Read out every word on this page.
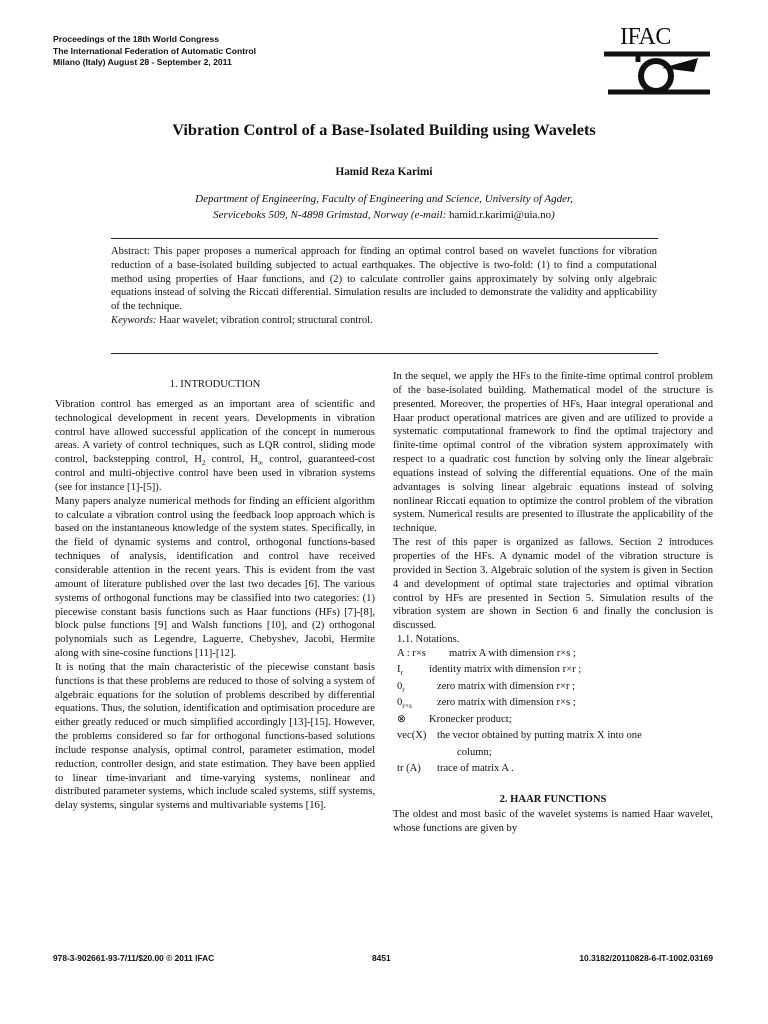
Proceedings of the 18th World Congress
The International Federation of Automatic Control
Milano (Italy) August 28 - September 2, 2011
IFAC
Vibration Control of a Base-Isolated Building using Wavelets
Hamid Reza Karimi
Department of Engineering, Faculty of Engineering and Science, University of Agder,
Serviceboks 509, N-4898 Grimstad, Norway (e-mail: hamid.r.karimi@uia.no)
Abstract: This paper proposes a numerical approach for finding an optimal control based on wavelet functions for vibration reduction of a base-isolated building subjected to actual earthquakes. The objective is two-fold: (1) to find a computational method using properties of Haar functions, and (2) to calculate controller gains approximately by solving only algebraic equations instead of solving the Riccati differential. Simulation results are included to demonstrate the validity and applicability of the technique.
Keywords: Haar wavelet; vibration control; structural control.
1. INTRODUCTION

Vibration control has emerged as an important area of scientific and technological development in recent years. Developments in vibration control have allowed successful application of the concept in numerous areas. A variety of control techniques, such as LQR control, sliding mode control, backstepping control, $H_2$ control, $H_\infty$ control, guaranteed-cost control and multi-objective control have been used in vibration systems (see for instance [1]-[5]).

Many papers analyze numerical methods for finding an efficient algorithm to calculate a vibration control using the feedback loop approach which is based on the instantaneous knowledge of the system states. Specifically, in the field of dynamic systems and control, orthogonal functions-based techniques of analysis, identification and control have received considerable attention in the recent years. This is evident from the vast amount of literature published over the last two decades [6]. The various systems of orthogonal functions may be classified into two categories: (1) piecewise constant basis functions such as Haar functions (HFs) [7]-[8], block pulse functions [9] and Walsh functions [10], and (2) orthogonal polynomials such as Legendre, Laguerre, Chebyshev, Jacobi, Hermite along with sine-cosine functions [11]-[12].

It is noting that the main characteristic of the piecewise constant basis functions is that these problems are reduced to those of solving a system of algebraic equations for the solution of problems described by differential equations. Thus, the solution, identification and optimisation procedure are either greatly reduced or much simplified accordingly [13]-[15]. However, the problems considered so far for orthogonal functions-based solutions include response analysis, optimal control, parameter estimation, model reduction, controller design, and state estimation. They have been applied to linear time-invariant and time-varying systems, nonlinear and distributed parameter systems, which include scaled systems, stiff systems, delay systems, singular systems and multivariable systems [16].

In the sequel, we apply the HFs to the finite-time optimal control problem of the base-isolated building. Mathematical model of the structure is presented. Moreover, the properties of HFs, Haar integral operational and Haar product operational matrices are given and are utilized to provide a systematic computational framework to find the optimal trajectory and finite-time optimal control of the vibration system approximately with respect to a quadratic cost function by solving only the linear algebraic equations instead of solving the differential equations. One of the main advantages is solving linear algebraic equations instead of solving nonlinear Riccati equation to optimize the control problem of the vibration system. Numerical results are presented to illustrate the applicability of the technique.

The rest of this paper is organized as fallows. Section 2 introduces properties of the HFs. A dynamic model of the vibration structure is provided in Section 3. Algebraic solution of the system is given in Section 4 and development of optimal state trajectories and optimal vibration control by HFs are presented in Section 5. Simulation results of the vibration system are shown in Section 6 and finally the conclusion is discussed.

1.1. Notations.
A : r×s matrix A with dimension r×s ;
$I_r$ identity matrix with dimension r×r ;
$0_r$	zero matrix with dimension r×r ;
$0_{r\times s}$ zero matrix with dimension r×s ;
⊗ Kronecker product;
vec(X) the vector obtained by putting matrix X into one
column;
tr (A) trace of matrix A .
2. HAAR FUNCTIONS

The oldest and most basic of the wavelet systems is named Haar wavelet, whose functions are given by

978-3-902661-93-7/11/$20.00 © 2011 IFAC	8451	10.3182/20110828-6-IT-1002.03169
